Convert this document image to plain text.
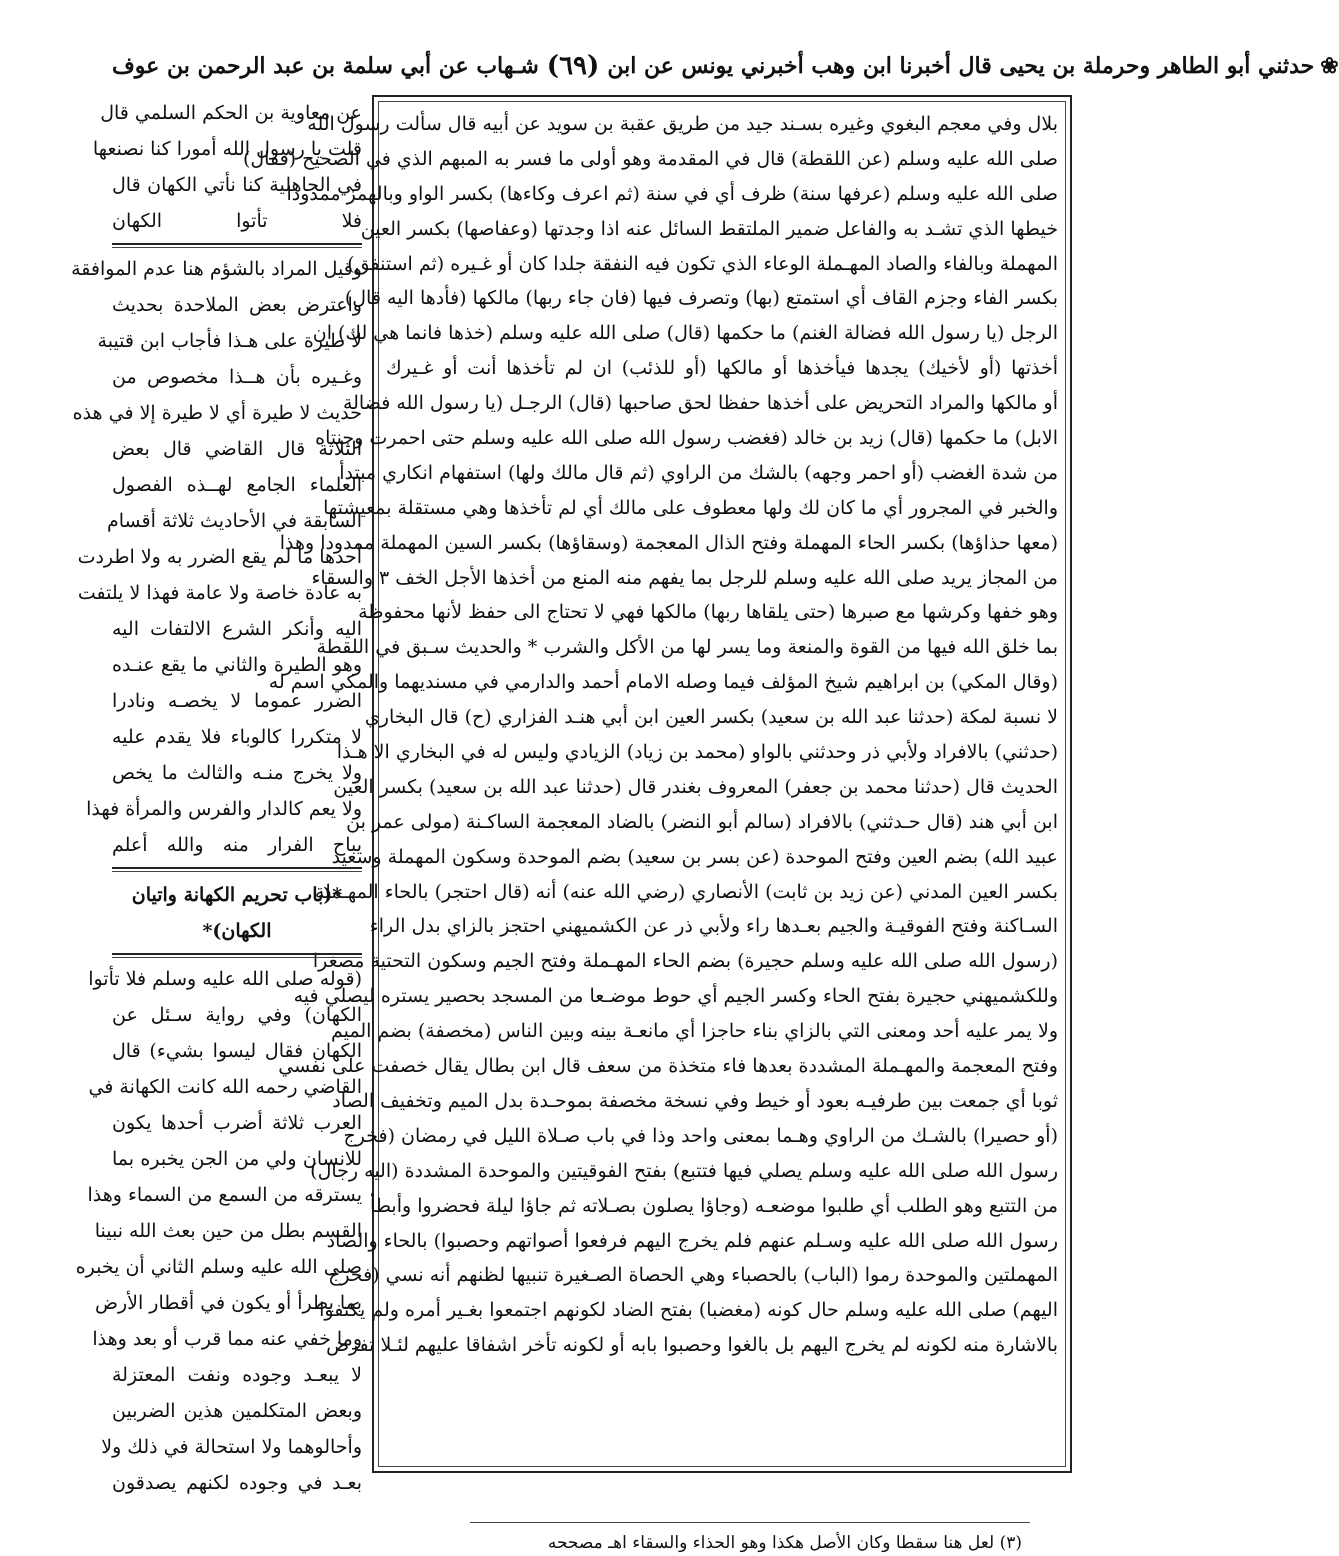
❀
حدثني أبو الطاهر وحرملة بن يحيى قال أخبرنا ابن وهب أخبرني يونس عن ابن
(٦٩)
شـهاب عن أبي سلمة بن عبد الرحمن بن عوف
بلال وفي معجم البغوي وغيره بسـند جيد من طريق عقبة بن سويد عن أبيه قال سألت رسول الله
صلى الله عليه وسلم (عن اللقطة) قال في المقدمة وهو أولى ما فسر به المبهم الذي في الصحيح (فقال)
صلى الله عليه وسلم (عرفها سنة) ظرف أي في سنة (ثم اعرف وكاءها) بكسر الواو وبالهمز ممدودا
خيطها الذي تشـد به والفاعل ضمير الملتقط السائل عنه اذا وجدتها (وعفاصها) بكسر العين
المهملة وبالفاء والصاد المهـملة الوعاء الذي تكون فيه النفقة جلدا كان أو غـيره (ثم استنفق)
بكسر الفاء وجزم القاف أي استمتع (بها) وتصرف فيها (فان جاء ربها) مالكها (فأدها اليه قال)
الرجل (يا رسول الله فضالة الغنم) ما حكمها (قال) صلى الله عليه وسلم (خذها فانما هي لك) ان
أخذتها (أو لأخيك) يجدها فيأخذها أو مالكها (أو للذئب) ان لم تأخذها أنت أو غـيرك
أو مالكها والمراد التحريض على أخذها حفظا لحق صاحبها (قال) الرجـل (يا رسول الله فضالة
الابل) ما حكمها (قال) زيد بن خالد (فغضب رسول الله صلى الله عليه وسلم حتى احمرت وجنتاه
من شدة الغضب (أو احمر وجهه) بالشك من الراوي (ثم قال مالك ولها) استفهام انكاري مبتدأ
والخبر في المجرور أي ما كان لك ولها معطوف على مالك أي لم تأخذها وهي مستقلة بمعيشتها
(معها حذاؤها) بكسر الحاء المهملة وفتح الذال المعجمة (وسقاؤها) بكسر السين المهملة ممدودا وهذا
من المجاز يريد صلى الله عليه وسلم للرجل بما يفهم منه المنع من أخذها الأجل الخف ٣ والسقاء
وهو خفها وكرشها مع صبرها (حتى يلقاها ربها) مالكها فهي لا تحتاج الى حفظ لأنها محفوظة
بما خلق الله فيها من القوة والمنعة وما يسر لها من الأكل والشرب * والحديث سـبق في اللقطة
(وقال المكي) بن ابراهيم شيخ المؤلف فيما وصله الامام أحمد والدارمي في مسنديهما والمكي اسم له
لا نسبة لمكة (حدثنا عبد الله بن سعيد) بكسر العين ابن أبي هنـد الفزاري (ح) قال البخاري
(حدثني) بالافراد ولأبي ذر وحدثني بالواو (محمد بن زياد) الزيادي وليس له في البخاري الا هـذا
الحديث قال (حدثنا محمد بن جعفر) المعروف بغندر قال (حدثنا عبد الله بن سعيد) بكسر العين
ابن أبي هند (قال حـدثني) بالافراد (سالم أبو النضر) بالضاد المعجمة الساكـنة (مولى عمر بن
عبيد الله) بضم العين وفتح الموحدة (عن بسر بن سعيد) بضم الموحدة وسكون المهملة وسعيد
بكسر العين المدني (عن زيد بن ثابت) الأنصاري (رضي الله عنه) أنه (قال احتجر) بالحاء المهـملة
السـاكنة وفتح الفوقيـة والجيم بعـدها راء ولأبي ذر عن الكشميهني احتجز بالزاي بدل الراء
(رسول الله صلى الله عليه وسلم حجيرة) بضم الحاء المهـملة وفتح الجيم وسكون التحتية مصغرا
وللكشميهني حجيرة بفتح الحاء وكسر الجيم أي حوط موضـعا من المسجد بحصير يستره ليصلي فيه
ولا يمر عليه أحد ومعنى التي بالزاي بناء حاجزا أي مانعـة بينه وبين الناس (مخصفة) بضم الميم
وفتح المعجمة والمهـملة المشددة بعدها فاء متخذة من سعف قال ابن بطال يقال خصفت على نفسي
ثوبا أي جمعت بين طرفيـه بعود أو خيط وفي نسخة مخصفة بموحـدة بدل الميم وتخفيف الصاد
(أو حصيرا) بالشـك من الراوي وهـما بمعنى واحد وذا في باب صـلاة الليل في رمضان (فخرج
رسول الله صلى الله عليه وسلم يصلي فيها فتتبع) بفتح الفوقيتين والموحدة المشددة (اليه رجال)
من التتبع وهو الطلب أي طلبوا موضعـه (وجاؤا يصلون بصـلاته ثم جاؤا ليلة فحضروا وأبطأ
رسول الله صلى الله عليه وسـلم عنهم فلم يخرج اليهم فرفعوا أصواتهم وحصبوا) بالحاء والصاد
المهملتين والموحدة رموا (الباب) بالحصباء وهي الحصاة الصـغيرة تنبيها لظنهم أنه نسي (فخرج
اليهم) صلى الله عليه وسلم حال كونه (مغضبا) بفتح الضاد لكونهم اجتمعوا بغـير أمره ولم يكتفوا
بالاشارة منه لكونه لم يخرج اليهم بل بالغوا وحصبوا بابه أو لكونه تأخر اشفاقا عليهم لئـلا تفرض
عن معاوية بن الحكم السلمي قال
قلت يا رسول الله أمورا كنا نصنعها
في الجاهلية كنا نأتي الكهان قال
فلا تأتوا الكهان
وقيل المراد بالشؤم هنا عدم الموافقة
واعترض بعض الملاحدة بحديث
لا طيرة على هـذا فأجاب ابن قتيبة
وغـيره بأن هــذا مخصوص من
حديث لا طيرة أي لا طيرة إلا في هذه
الثلاثة قال القاضي قال بعض
العلماء الجامع لهــذه الفصول
السابقة في الأحاديث ثلاثة أقسام
أحدها ما لم يقع الضرر به ولا اطردت
به عادة خاصة ولا عامة فهذا لا يلتفت
اليه وأنكر الشرع الالتفات اليه
وهو الطيرة والثاني ما يقع عنـده
الضرر عموما لا يخصـه ونادرا
لا متكررا كالوباء فلا يقدم عليه
ولا يخرج منـه والثالث ما يخص
ولا يعم كالدار والفرس والمرأة فهذا
يباح الفرار منه والله أعلم
*(باب تحريم الكهانة واتيان
الكهان)*
(قوله صلى الله عليه وسلم فلا تأتوا
الكهان) وفي رواية سـئل عن
الكهان فقال ليسوا بشيء) قال
القاضي رحمه الله كانت الكهانة في
العرب ثلاثة أضرب أحدها يكون
للانسان ولي من الجن يخبره بما
يسترقه من السمع من السماء وهذا
القسم بطل من حين بعث الله نبينا
صلى الله عليه وسلم الثاني أن يخبره
بما يطرأ أو يكون في أقطار الأرض
وما خفي عنه مما قرب أو بعد وهذا
لا يبعـد وجوده ونفت المعتزلة
وبعض المتكلمين هذين الضربين
وأحالوهما ولا استحالة في ذلك ولا
بعـد في وجوده لكنهم يصدقون
(٣) لعل هنا سقطا وكان الأصل هكذا وهو الحذاء والسقاء اهـ مصححه
